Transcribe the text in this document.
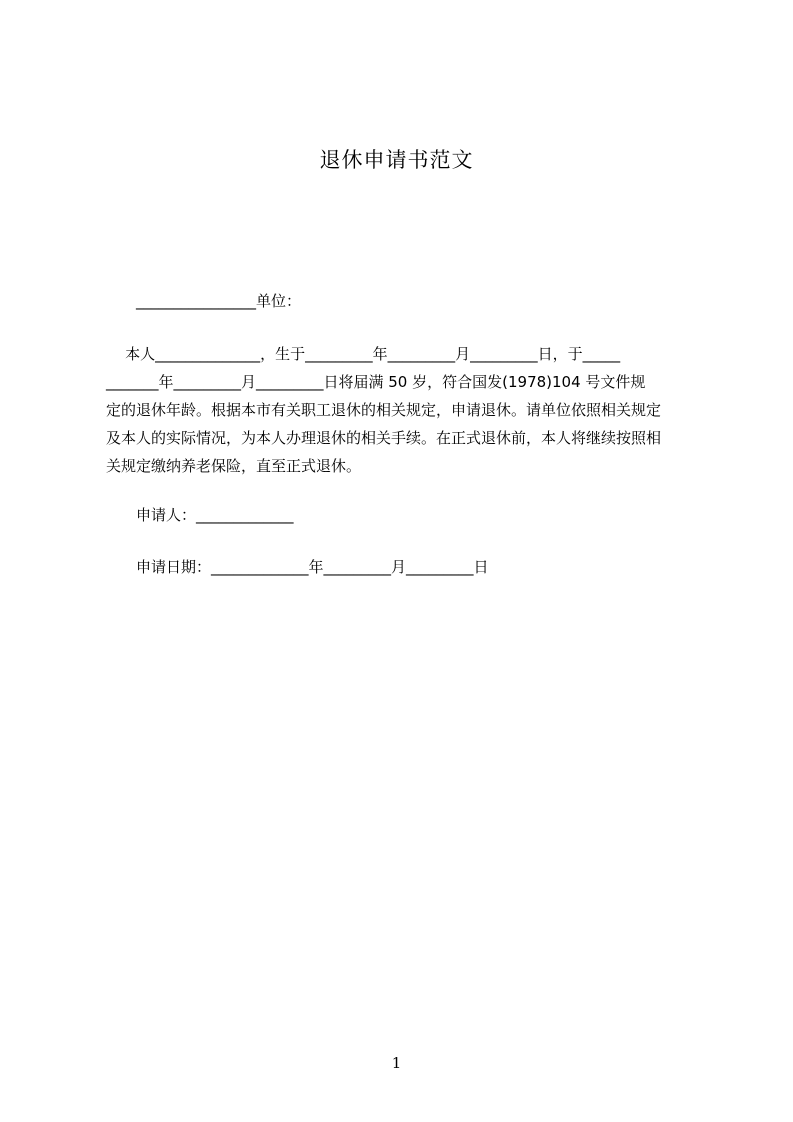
退休申请书范文
________________单位：

本人______________，生于_________年_________月_________日，于_____

_______年_________月_________日将届满 50 岁，符合国发(1978)104 号文件规

定的退休年龄。根据本市有关职工退休的相关规定，申请退休。请单位依照相关规定

及本人的实际情况，为本人办理退休的相关手续。在正式退休前，本人将继续按照相

关规定缴纳养老保险，直至正式退休。

申请人：_____________
申请日期：_____________年_________月_________日
1
